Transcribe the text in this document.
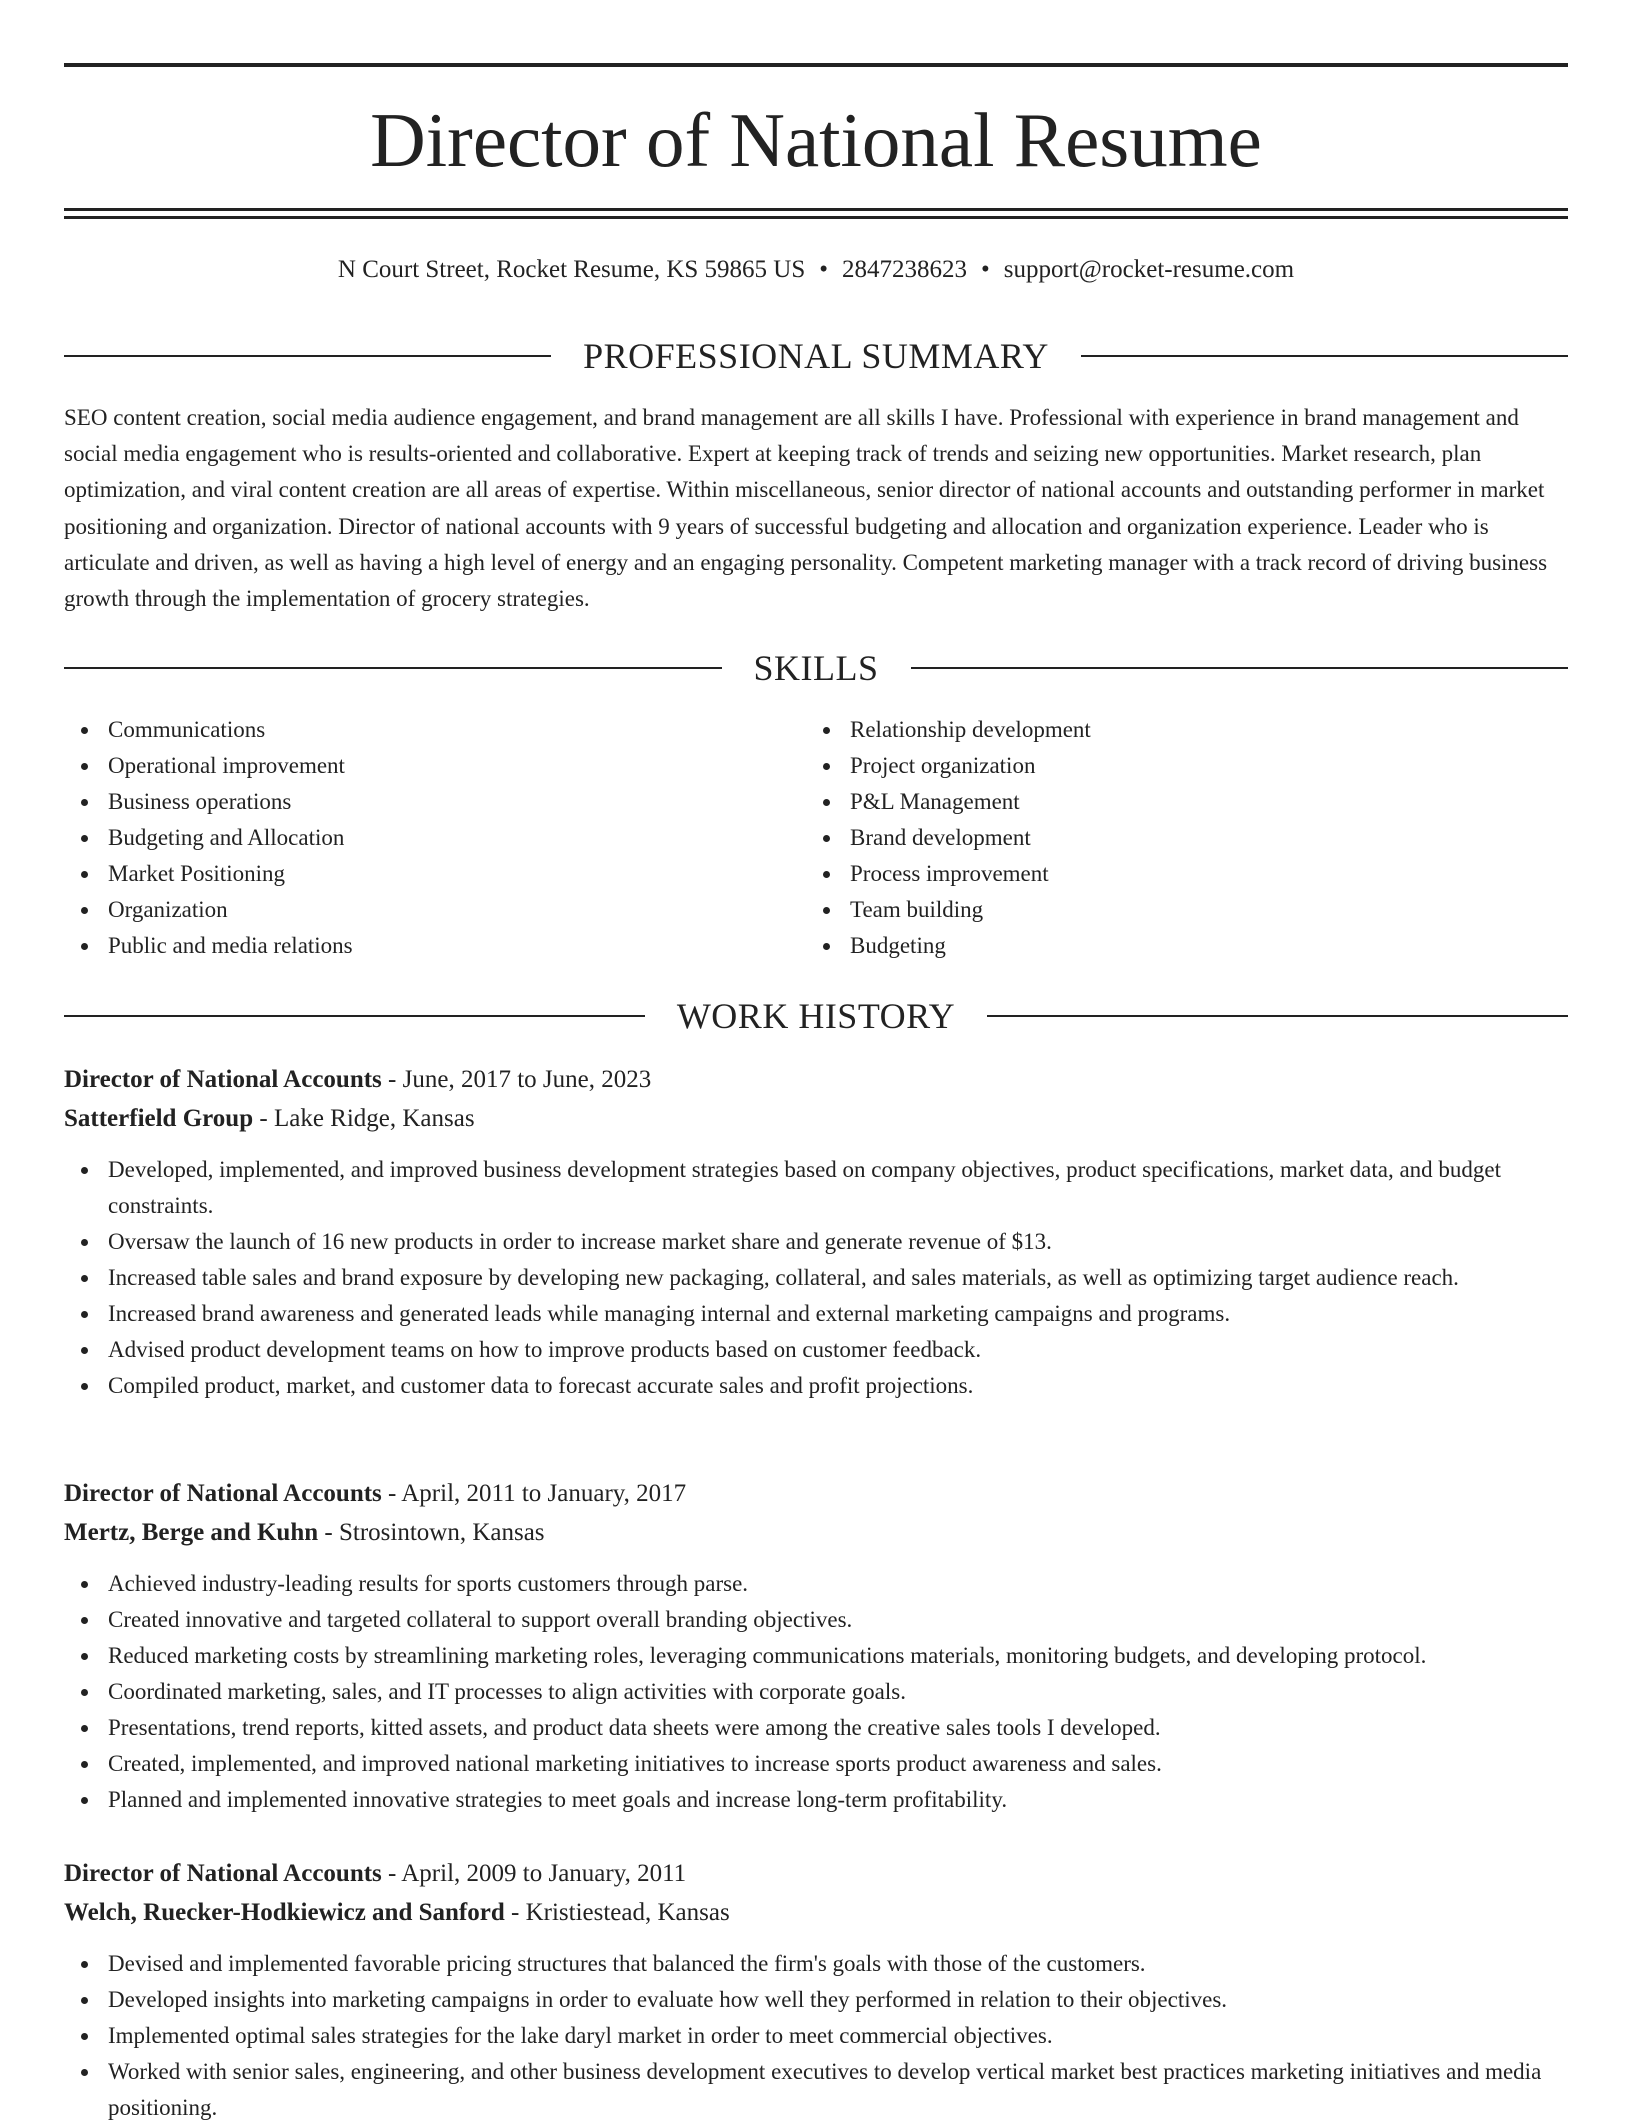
Director of National Resume
N Court Street, Rocket Resume, KS 59865 US • 2847238623 • support@rocket-resume.com
PROFESSIONAL SUMMARY

SEO content creation, social media audience engagement, and brand management are all skills I have. Professional with experience in brand management and social media engagement who is results-oriented and collaborative. Expert at keeping track of trends and seizing new opportunities. Market research, plan optimization, and viral content creation are all areas of expertise. Within miscellaneous, senior director of national accounts and outstanding performer in market positioning and organization. Director of national accounts with 9 years of successful budgeting and allocation and organization experience. Leader who is articulate and driven, as well as having a high level of energy and an engaging personality. Competent marketing manager with a track record of driving business growth through the implementation of grocery strategies.

SKILLS
Communications
Operational improvement
Business operations
Budgeting and Allocation
Market Positioning
Organization
Public and media relations
Relationship development
Project organization
P&L Management
Brand development
Process improvement
Team building
Budgeting
WORK HISTORY
Director of National Accounts - June, 2017 to June, 2023
Satterfield Group - Lake Ridge, Kansas
Developed, implemented, and improved business development strategies based on company objectives, product specifications, market data, and budget constraints.
Oversaw the launch of 16 new products in order to increase market share and generate revenue of $13.
Increased table sales and brand exposure by developing new packaging, collateral, and sales materials, as well as optimizing target audience reach.
Increased brand awareness and generated leads while managing internal and external marketing campaigns and programs.
Advised product development teams on how to improve products based on customer feedback.
Compiled product, market, and customer data to forecast accurate sales and profit projections.
Director of National Accounts - April, 2011 to January, 2017
Mertz, Berge and Kuhn - Strosintown, Kansas
Achieved industry-leading results for sports customers through parse.
Created innovative and targeted collateral to support overall branding objectives.
Reduced marketing costs by streamlining marketing roles, leveraging communications materials, monitoring budgets, and developing protocol.
Coordinated marketing, sales, and IT processes to align activities with corporate goals.
Presentations, trend reports, kitted assets, and product data sheets were among the creative sales tools I developed.
Created, implemented, and improved national marketing initiatives to increase sports product awareness and sales.
Planned and implemented innovative strategies to meet goals and increase long-term profitability.
Director of National Accounts - April, 2009 to January, 2011
Welch, Ruecker-Hodkiewicz and Sanford - Kristiestead, Kansas
Devised and implemented favorable pricing structures that balanced the firm's goals with those of the customers.
Developed insights into marketing campaigns in order to evaluate how well they performed in relation to their objectives.
Implemented optimal sales strategies for the lake daryl market in order to meet commercial objectives.
Worked with senior sales, engineering, and other business development executives to develop vertical market best practices marketing initiatives and media positioning.
